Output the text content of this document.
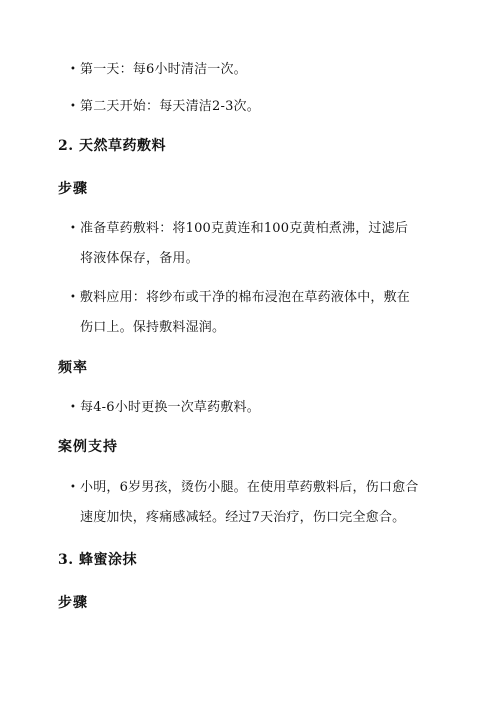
• 第一天：每6小时清洁一次。
• 第二天开始：每天清洁2-3次。
2. 天然草药敷料
步骤
• 准备草药敷料：将100克黄连和100克黄柏煮沸，过滤后将液体保存，备用。
• 敷料应用：将纱布或干净的棉布浸泡在草药液体中，敷在伤口上。保持敷料湿润。
频率
• 每4-6小时更换一次草药敷料。
案例支持
• 小明，6岁男孩，烫伤小腿。在使用草药敷料后，伤口愈合速度加快，疼痛感减轻。经过7天治疗，伤口完全愈合。
3. 蜂蜜涂抹
步骤
